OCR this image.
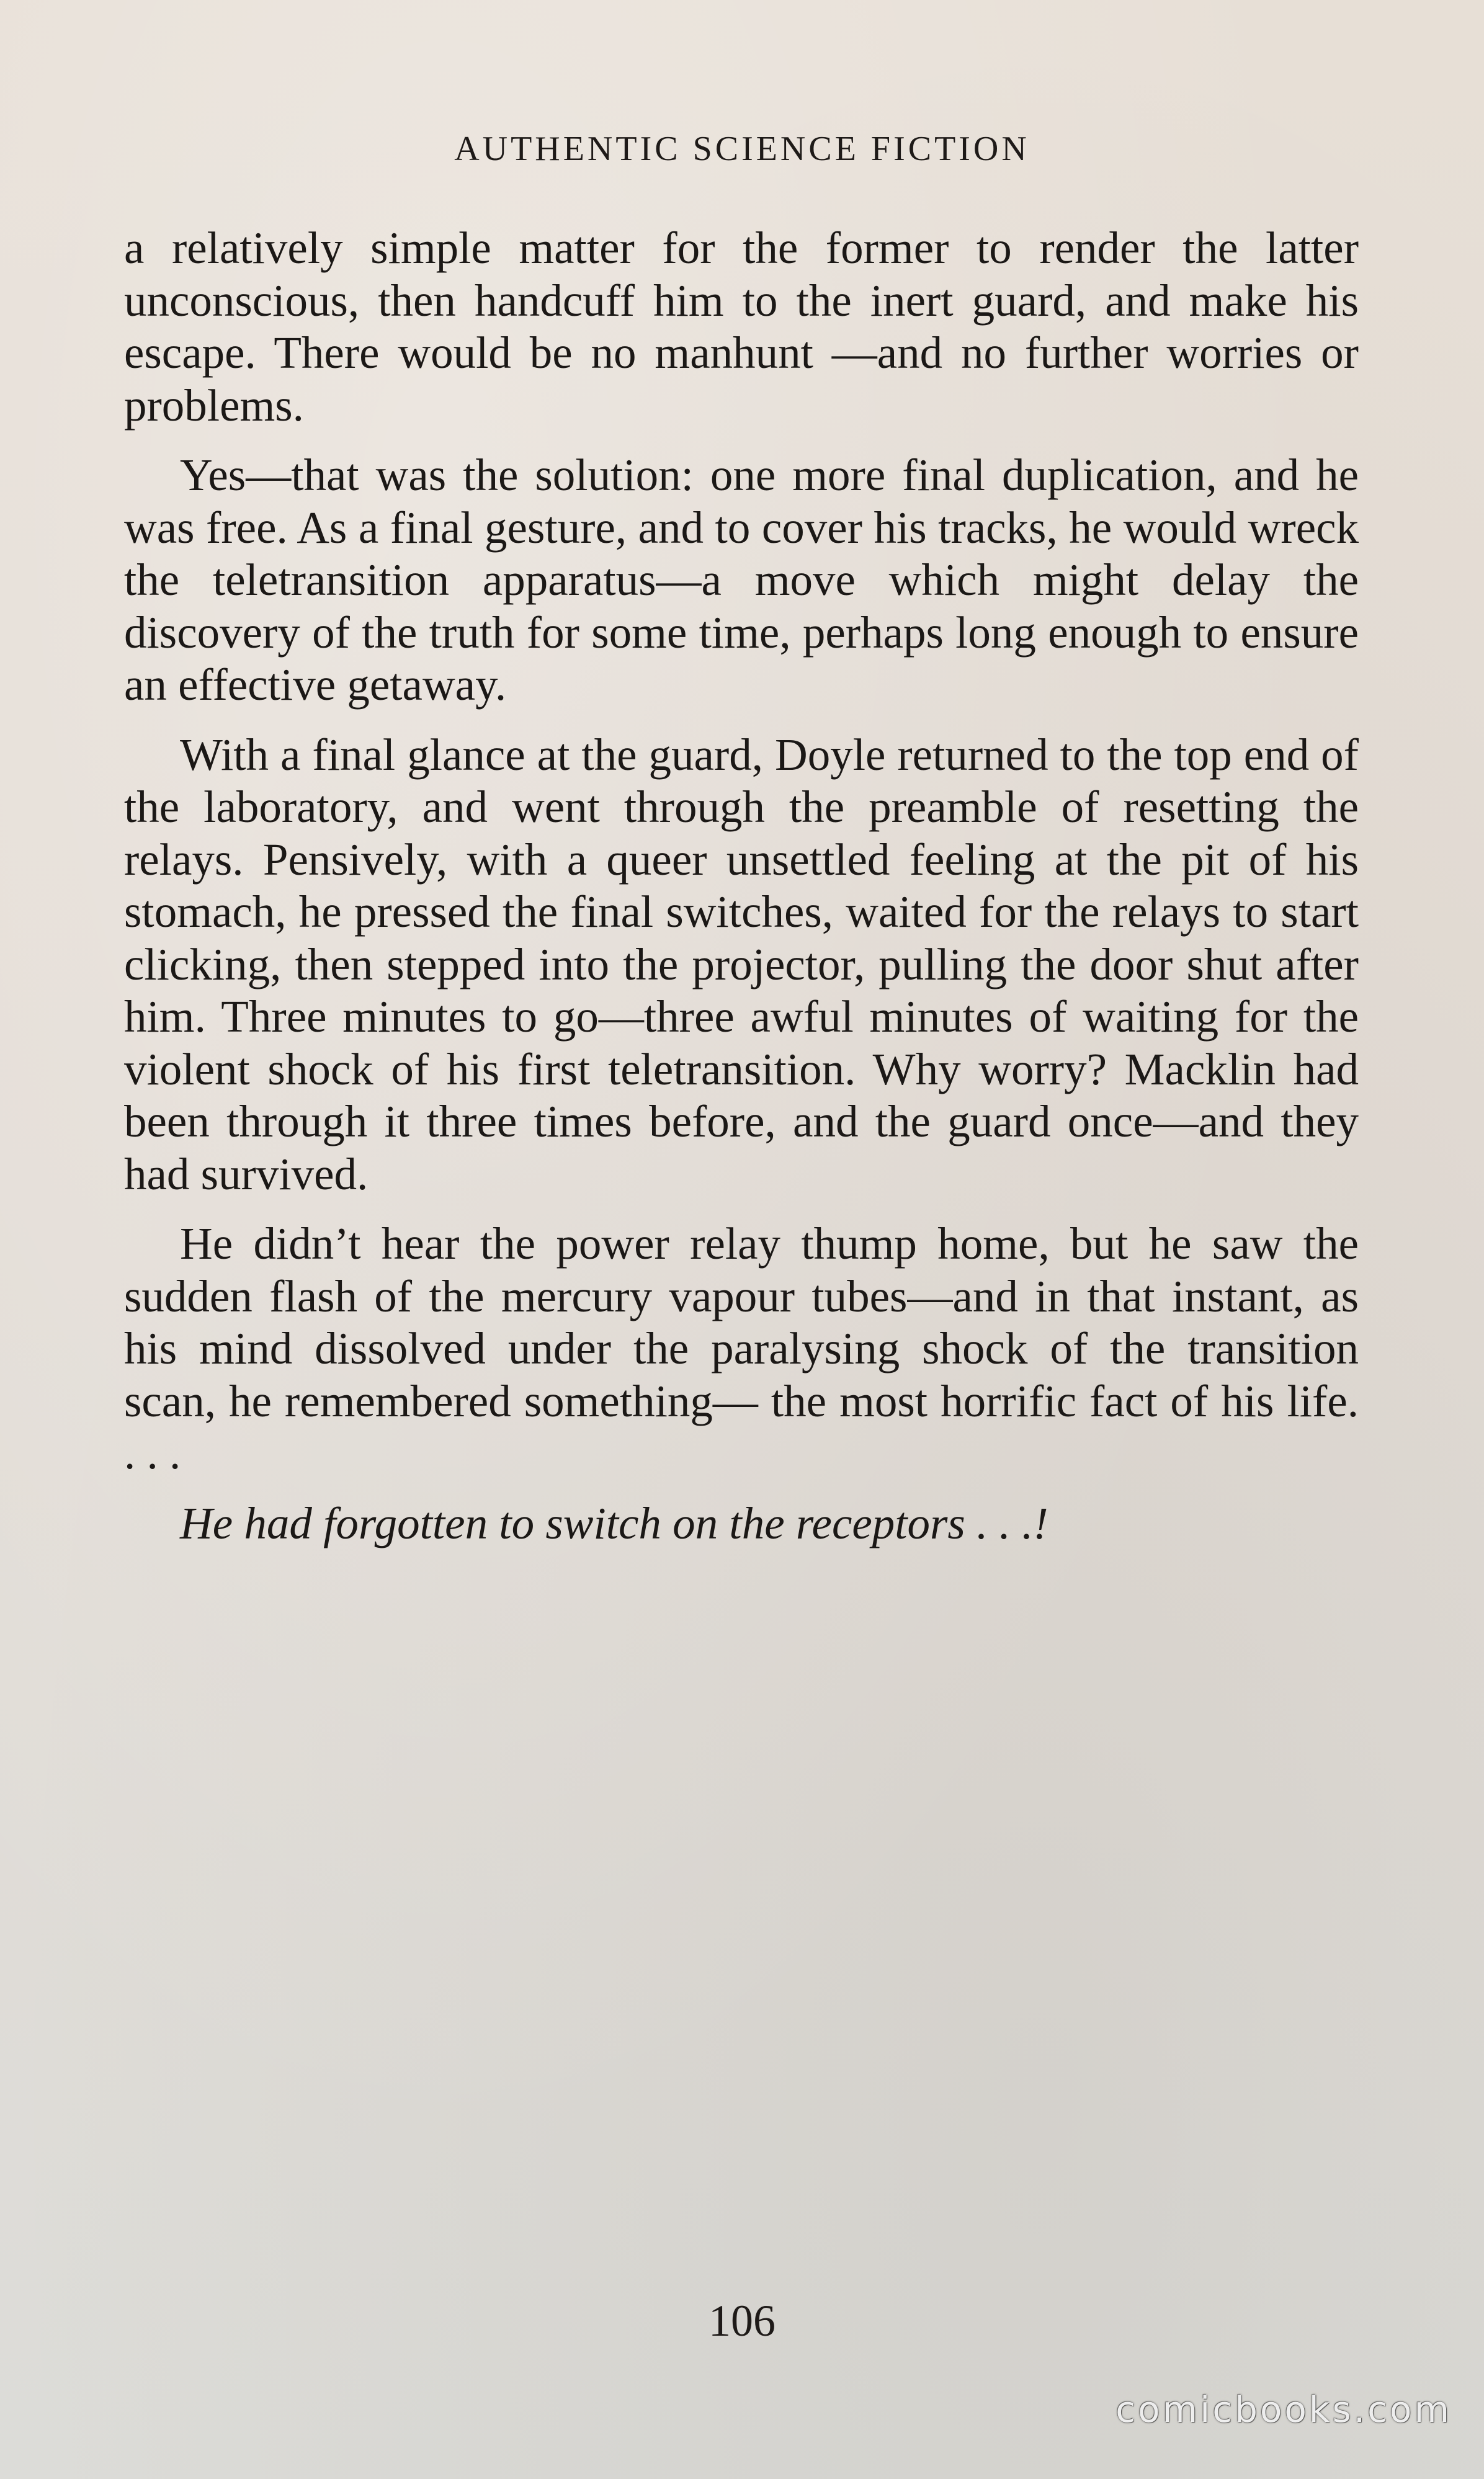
AUTHENTIC SCIENCE FICTION

a relatively simple matter for the former to render the latter unconscious, then handcuff him to the inert guard, and make his escape. There would be no manhunt —and no further worries or problems.

Yes—that was the solution: one more final duplication, and he was free. As a final gesture, and to cover his tracks, he would wreck the teletransition apparatus—a move which might delay the discovery of the truth for some time, perhaps long enough to ensure an effective getaway.

With a final glance at the guard, Doyle returned to the top end of the laboratory, and went through the preamble of resetting the relays. Pensively, with a queer unsettled feeling at the pit of his stomach, he pressed the final switches, waited for the relays to start clicking, then stepped into the projector, pulling the door shut after him. Three minutes to go—three awful minutes of waiting for the violent shock of his first teletransition. Why worry? Macklin had been through it three times before, and the guard once—and they had survived.

He didn’t hear the power relay thump home, but he saw the sudden flash of the mercury vapour tubes—and in that instant, as his mind dissolved under the paralysing shock of the transition scan, he remembered something— the most horrific fact of his life. . . .

He had forgotten to switch on the receptors . . .!

106
comicbooks.com
